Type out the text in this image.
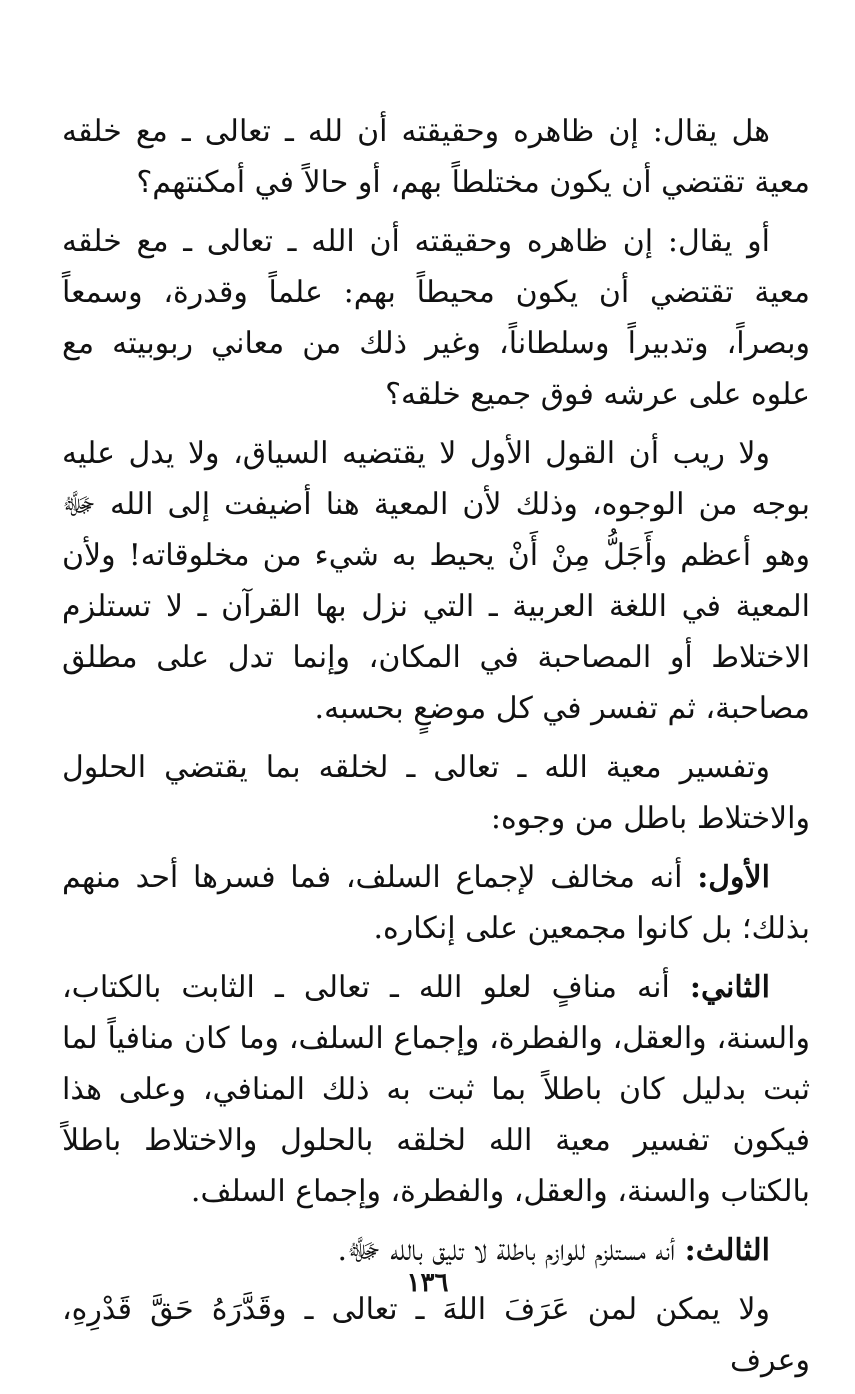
هل يقال: إن ظاهره وحقيقته أن لله ـ تعالى ـ مع خلقه معية تقتضي أن يكون مختلطاً بهم، أو حالاً في أمكنتهم؟

أو يقال: إن ظاهره وحقيقته أن الله ـ تعالى ـ مع خلقه معية تقتضي أن يكون محيطاً بهم: علماً وقدرة، وسمعاً وبصراً، وتدبيراً وسلطاناً، وغير ذلك من معاني ربوبيته مع علوه على عرشه فوق جميع خلقه؟

ولا ريب أن القول الأول لا يقتضيه السياق، ولا يدل عليه بوجه من الوجوه، وذلك لأن المعية هنا أضيفت إلى الله ﷻ وهو أعظم وأَجَلُّ مِنْ أَنْ يحيط به شيء من مخلوقاته! ولأن المعية في اللغة العربية ـ التي نزل بها القرآن ـ لا تستلزم الاختلاط أو المصاحبة في المكان، وإنما تدل على مطلق مصاحبة، ثم تفسر في كل موضعٍ بحسبه.

وتفسير معية الله ـ تعالى ـ لخلقه بما يقتضي الحلول والاختلاط باطل من وجوه:

الأول: أنه مخالف لإجماع السلف، فما فسرها أحد منهم بذلك؛ بل كانوا مجمعين على إنكاره.

الثاني: أنه منافٍ لعلو الله ـ تعالى ـ الثابت بالكتاب، والسنة، والعقل، والفطرة، وإجماع السلف، وما كان منافياً لما ثبت بدليل كان باطلاً بما ثبت به ذلك المنافي، وعلى هذا فيكون تفسير معية الله لخلقه بالحلول والاختلاط باطلاً بالكتاب والسنة، والعقل، والفطرة، وإجماع السلف.

الثالث: أنه مستلزم للوازم باطلة لا تليق بالله ﷻ.

ولا يمكن لمن عَرَفَ اللهَ ـ تعالى ـ وقَدَّرَهُ حَقَّ قَدْرِهِ، وعرف

١٣٦
